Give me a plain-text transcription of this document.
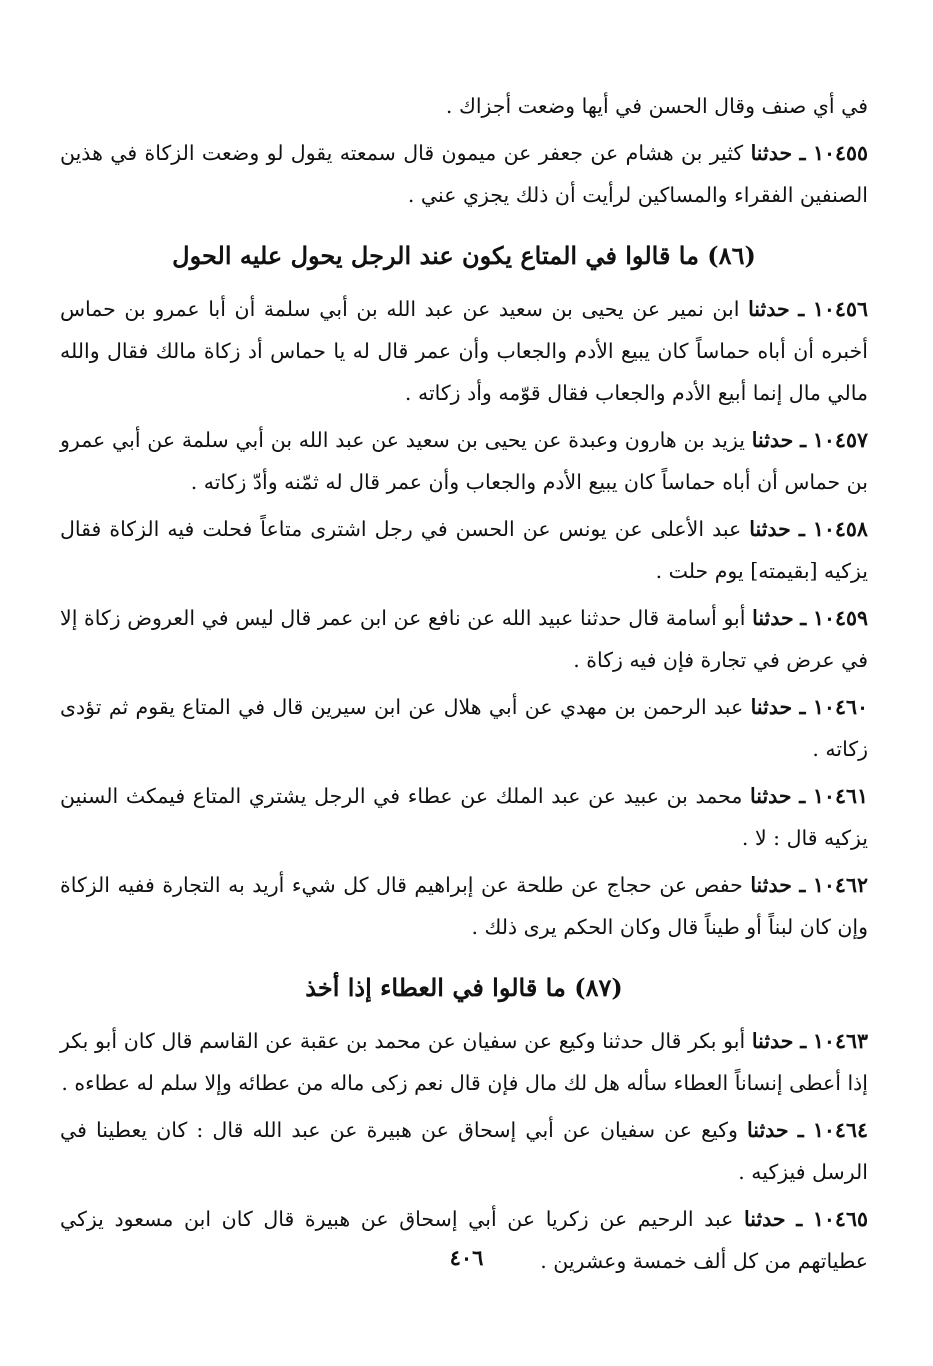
في أي صنف وقال الحسن في أيها وضعت أجزاك .

١٠٤٥٥ ـ حدثنا كثير بن هشام عن جعفر عن ميمون قال سمعته يقول لو وضعت الزكاة في هذين الصنفين الفقراء والمساكين لرأيت أن ذلك يجزي عني .

(٨٦) ما قالوا في المتاع يكون عند الرجل يحول عليه الحول

١٠٤٥٦ ـ حدثنا ابن نمير عن يحيى بن سعيد عن عبد الله بن أبي سلمة أن أبا عمرو بن حماس أخبره أن أباه حماساً كان يبيع الأدم والجعاب وأن عمر قال له يا حماس أد زكاة مالك فقال والله مالي مال إنما أبيع الأدم والجعاب فقال قوّمه وأد زكاته .

١٠٤٥٧ ـ حدثنا يزيد بن هارون وعبدة عن يحيى بن سعيد عن عبد الله بن أبي سلمة عن أبي عمرو بن حماس أن أباه حماساً كان يبيع الأدم والجعاب وأن عمر قال له ثمّنه وأدّ زكاته .

١٠٤٥٨ ـ حدثنا عبد الأعلى عن يونس عن الحسن في رجل اشترى متاعاً فحلت فيه الزكاة فقال يزكيه [بقيمته] يوم حلت .

١٠٤٥٩ ـ حدثنا أبو أسامة قال حدثنا عبيد الله عن نافع عن ابن عمر قال ليس في العروض زكاة إلا في عرض في تجارة فإن فيه زكاة .

١٠٤٦٠ ـ حدثنا عبد الرحمن بن مهدي عن أبي هلال عن ابن سيرين قال في المتاع يقوم ثم تؤدى زكاته .

١٠٤٦١ ـ حدثنا محمد بن عبيد عن عبد الملك عن عطاء في الرجل يشتري المتاع فيمكث السنين يزكيه قال : لا .

١٠٤٦٢ ـ حدثنا حفص عن حجاج عن طلحة عن إبراهيم قال كل شيء أريد به التجارة ففيه الزكاة وإن كان لبناً أو طيناً قال وكان الحكم يرى ذلك .

(٨٧) ما قالوا في العطاء إذا أخذ

١٠٤٦٣ ـ حدثنا أبو بكر قال حدثنا وكيع عن سفيان عن محمد بن عقبة عن القاسم قال كان أبو بكر إذا أعطى إنساناً العطاء سأله هل لك مال فإن قال نعم زكى ماله من عطائه وإلا سلم له عطاءه .

١٠٤٦٤ ـ حدثنا وكيع عن سفيان عن أبي إسحاق عن هبيرة عن عبد الله قال : كان يعطينا في الرسل فيزكيه .

١٠٤٦٥ ـ حدثنا عبد الرحيم عن زكريا عن أبي إسحاق عن هبيرة قال كان ابن مسعود يزكي عطياتهم من كل ألف خمسة وعشرين .

٤٠٦
